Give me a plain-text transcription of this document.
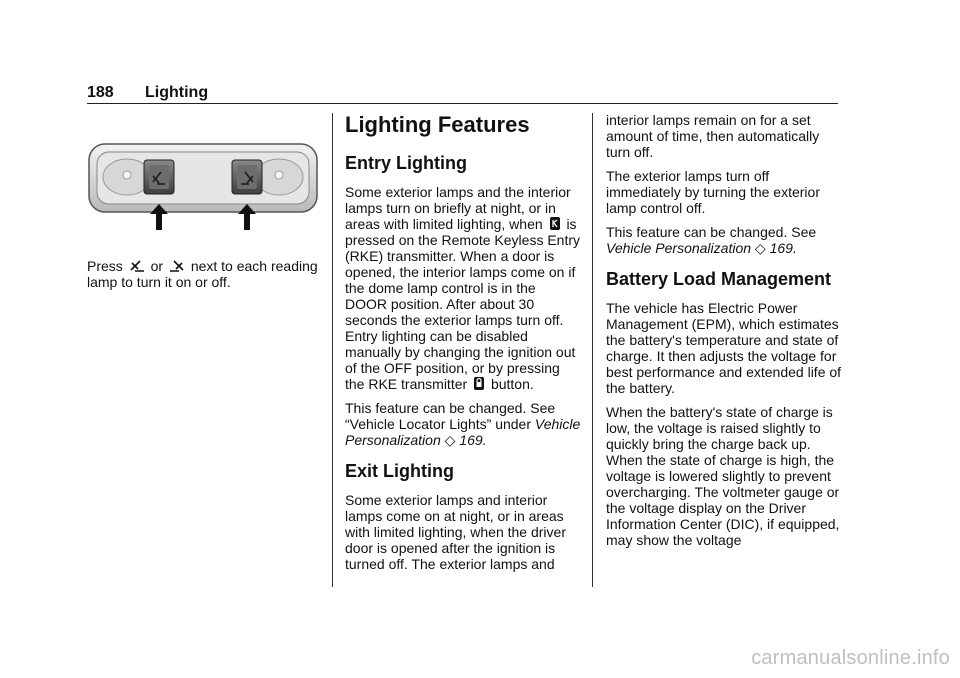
188 Lighting

Press or next to each reading lamp to turn it on or off.

Lighting Features
Entry Lighting

Some exterior lamps and the interior lamps turn on briefly at night, or in areas with limited lighting, when is pressed on the Remote Keyless Entry (RKE) transmitter. When a door is opened, the interior lamps come on if the dome lamp control is in the DOOR position. After about 30 seconds the exterior lamps turn off. Entry lighting can be disabled manually by changing the ignition out of the OFF position, or by pressing the RKE transmitter button.

This feature can be changed. See “Vehicle Locator Lights” under Vehicle Personalization ◇ 169.

Exit Lighting

Some exterior lamps and interior lamps come on at night, or in areas with limited lighting, when the driver door is opened after the ignition is turned off. The exterior lamps and

interior lamps remain on for a set amount of time, then automatically turn off.

The exterior lamps turn off immediately by turning the exterior lamp control off.

This feature can be changed. See Vehicle Personalization ◇ 169.

Battery Load Management

The vehicle has Electric Power Management (EPM), which estimates the battery's temperature and state of charge. It then adjusts the voltage for best performance and extended life of the battery.

When the battery's state of charge is low, the voltage is raised slightly to quickly bring the charge back up. When the state of charge is high, the voltage is lowered slightly to prevent overcharging. The voltmeter gauge or the voltage display on the Driver Information Center (DIC), if equipped, may show the voltage

carmanualsonline.info
